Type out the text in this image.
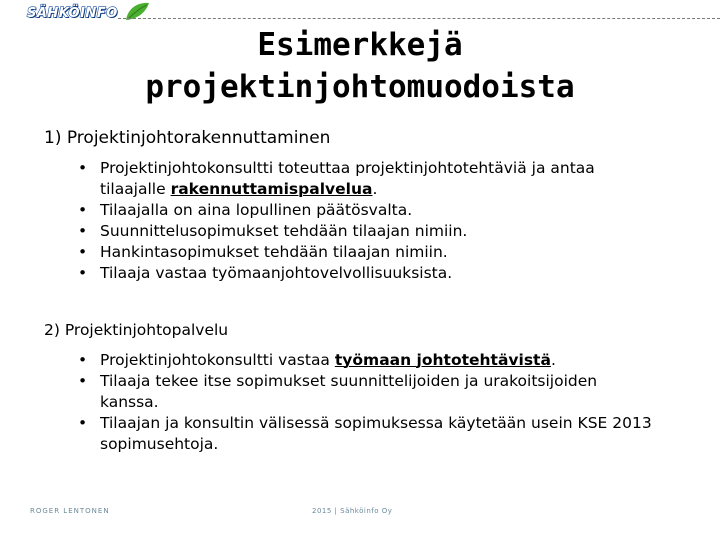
SÄHKÖINFO
Esimerkkejä
projektinjohtomuodoista
1) Projektinjohtorakennuttaminen
• Projektinjohtokonsultti toteuttaa projektinjohtotehtäviä ja antaa tilaajalle rakennuttamispalvelua.
• Tilaajalla on aina lopullinen päätösvalta.
• Suunnittelusopimukset tehdään tilaajan nimiin.
• Hankintasopimukset tehdään tilaajan nimiin.
• Tilaaja vastaa työmaanjohtovelvollisuuksista.
2) Projektinjohtopalvelu
• Projektinjohtokonsultti vastaa työmaan johtotehtävistä.
• Tilaaja tekee itse sopimukset suunnittelijoiden ja urakoitsijoiden kanssa.
• Tilaajan ja konsultin välisessä sopimuksessa käytetään usein KSE 2013 sopimusehtoja.
ROGER LENTONEN	2015 | Sähköinfo Oy
